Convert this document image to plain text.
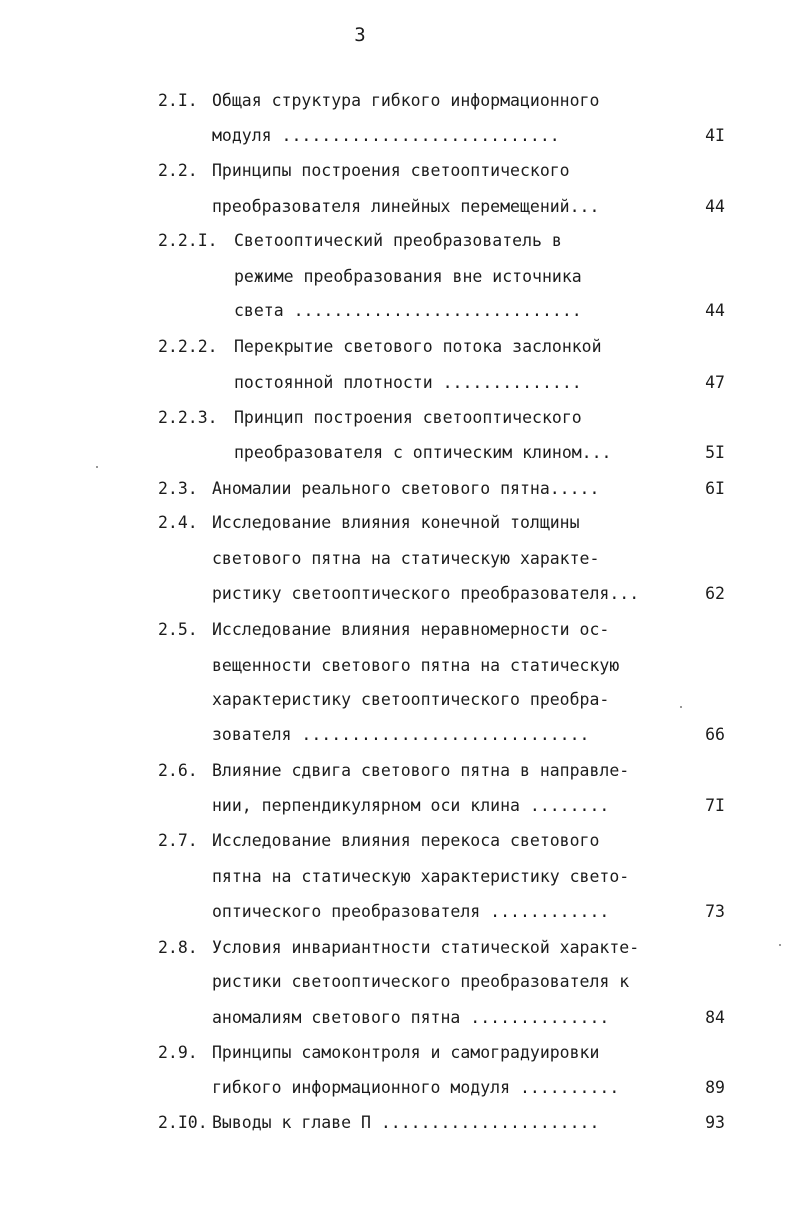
3
2.I. Общая структура гибкого информационного
модуля ............................	4I
2.2. Принципы построения светооптического
преобразователя линейных перемещений...	44
2.2.I. Светооптический преобразователь в
режиме преобразования вне источника
света .............................	44
2.2.2. Перекрытие светового потока заслонкой
постоянной плотности ..............	47
2.2.3. Принцип построения светооптического
преобразователя с оптическим клином...	5I
2.3. Аномалии реального светового пятна.....	6I
2.4. Исследование влияния конечной толщины
светового пятна на статическую характе-
ристику светооптического преобразователя...	62
2.5. Исследование влияния неравномерности ос-
вещенности светового пятна на статическую
характеристику светооптического преобра-
зователя .............................	66
2.6. Влияние сдвига светового пятна в направле-
нии, перпендикулярном оси клина ........	7I
2.7. Исследование влияния перекоса светового
пятна на статическую характеристику свето-
оптического преобразователя ............	73
2.8. Условия инвариантности статической характе-
ристики светооптического преобразователя к
аномалиям светового пятна ..............	84
2.9. Принципы самоконтроля и самоградуировки
гибкого информационного модуля ..........	89
2.I0. Выводы к главе П ......................	93
